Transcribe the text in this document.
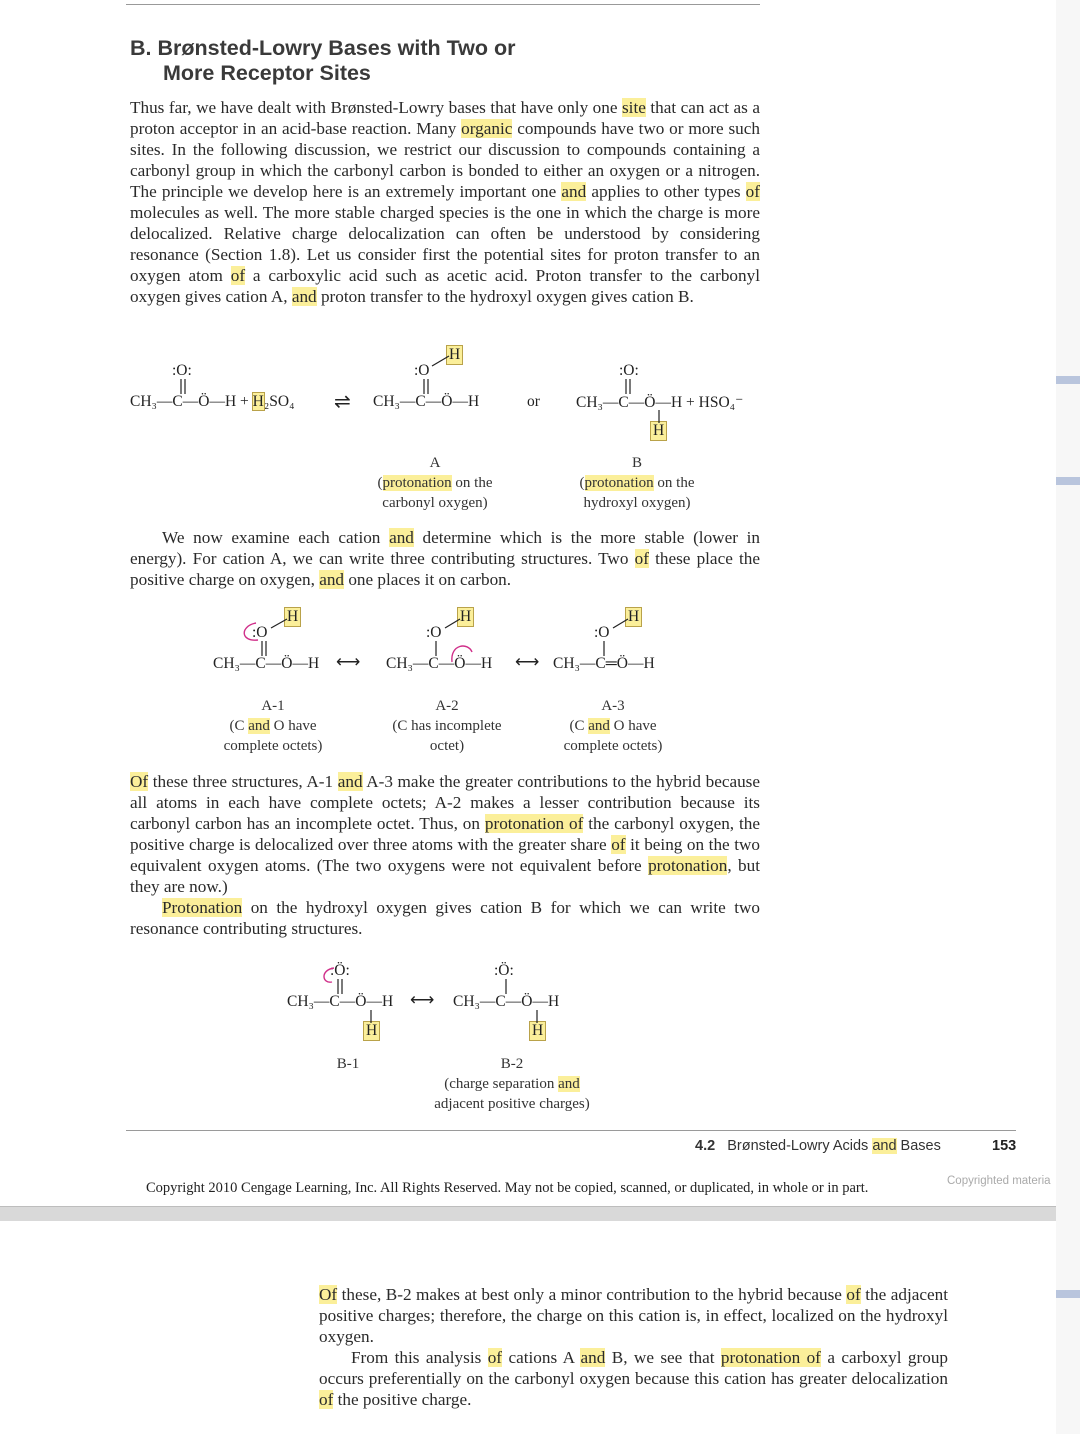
B. Brønsted-Lowry Bases with Two or
More Receptor Sites

Thus far, we have dealt with Brønsted-Lowry bases that have only one site that can act as a proton acceptor in an acid-base reaction. Many organic compounds have two or more such sites. In the following discussion, we restrict our discussion to compounds containing a carbonyl group in which the carbonyl carbon is bonded to either an oxygen or a nitrogen. The principle we develop here is an extremely important one and applies to other types of molecules as well. The more stable charged species is the one in which the charge is more delocalized. Relative charge delocalization can often be understood by considering resonance (Section 1.8). Let us consider first the potential sites for proton transfer to an oxygen atom of a carboxylic acid such as acetic acid. Proton transfer to the carbonyl oxygen gives cation A, and proton transfer to the hydroxyl oxygen gives cation B.

:O:
CH₃—C—Ö—H + H₂SO₄ ⇌
:O
H
CH₃—C—Ö—H	or
:O:
CH₃—C—Ö—H + HSO₄⁻
H
A
(protonation on the
carbonyl oxygen)
B
(protonation on the
hydroxyl oxygen)

We now examine each cation and determine which is the more stable (lower in energy). For cation A, we can write three contributing structures. Two of these place the positive charge on oxygen, and one places it on carbon.

:O
H
CH₃—C—Ö—H ⟷
:O
H
CH₃—C—Ö—H ⟷
:O
H
CH₃—C═Ö—H
A-1
(C and O have
complete octets)
A-2
(C has incomplete
octet)
A-3
(C and O have
complete octets)

Of these three structures, A-1 and A-3 make the greater contributions to the hybrid because all atoms in each have complete octets; A-2 makes a lesser contribution because its carbonyl carbon has an incomplete octet. Thus, on protonation of the carbonyl oxygen, the positive charge is delocalized over three atoms with the greater share of it being on the two equivalent oxygen atoms. (The two oxygens were not equivalent before protonation, but they are now.)

Protonation on the hydroxyl oxygen gives cation B for which we can write two resonance contributing structures.

:Ö:
CH₃—C—Ö—H
H
⟷
:Ö:
CH₃—C—Ö—H
H
B-1	B-2
(charge separation and
adjacent positive charges)
4.2 Brønsted-Lowry Acids and Bases	153
Copyright 2010 Cengage Learning, Inc. All Rights Reserved. May not be copied, scanned, or duplicated, in whole or in part.	Copyrighted materia

Of these, B-2 makes at best only a minor contribution to the hybrid because of the adjacent positive charges; therefore, the charge on this cation is, in effect, localized on the hydroxyl oxygen.

From this analysis of cations A and B, we see that protonation of a carboxyl group occurs preferentially on the carbonyl oxygen because this cation has greater delocalization of the positive charge.
